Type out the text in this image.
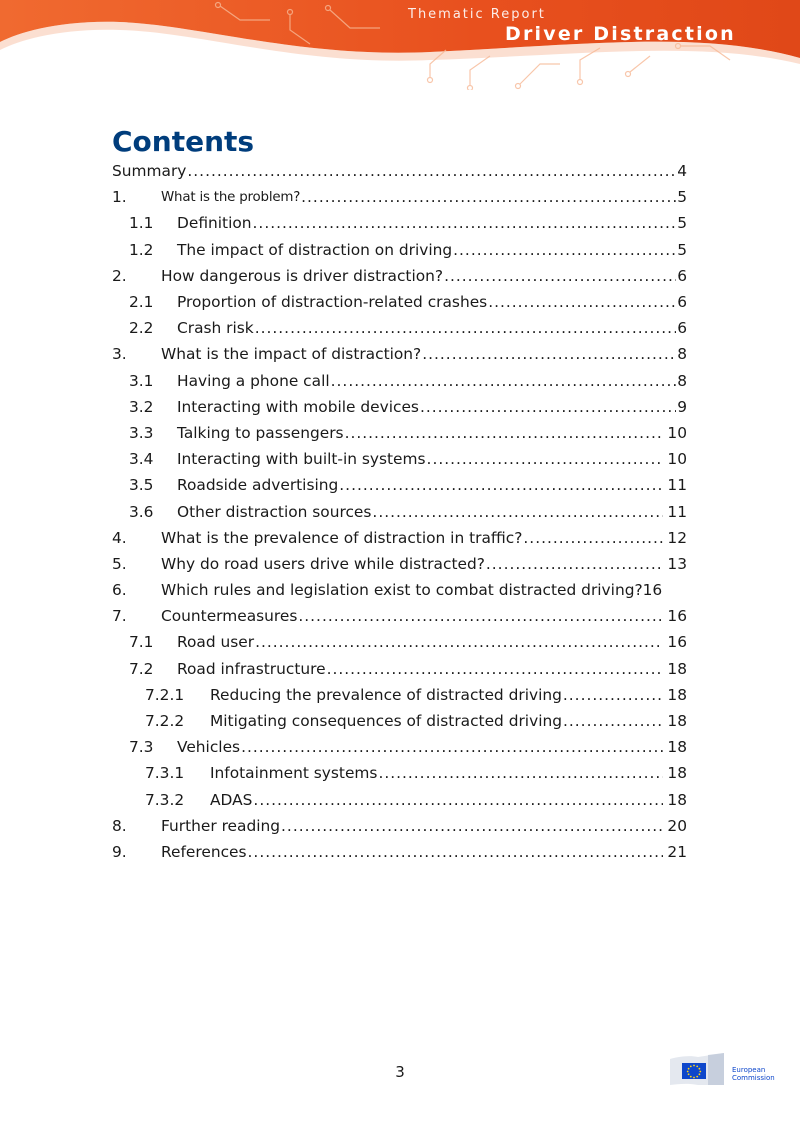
Thematic Report
Driver Distraction
Contents
Summary .....	4
1.	What is the problem? .....	5
1.1	Definition .....	5
1.2	The impact of distraction on driving .....	5
2.	How dangerous is driver distraction? .....	6
2.1	Proportion of distraction-related crashes .....	6
2.2	Crash risk .....	6
3.	What is the impact of distraction? .....	8
3.1	Having a phone call .....	8
3.2	Interacting with mobile devices .....	9
3.3	Talking to passengers .....	10
3.4	Interacting with built-in systems .....	10
3.5	Roadside advertising .....	11
3.6	Other distraction sources .....	11
4.	What is the prevalence of distraction in traffic? .....	12
5.	Why do road users drive while distracted? .....	13
6.	Which rules and legislation exist to combat distracted driving? 16
7.	Countermeasures .....	16
7.1	Road user .....	16
7.2	Road infrastructure .....	18
7.2.1	Reducing the prevalence of distracted driving .....	18
7.2.2	Mitigating consequences of distracted driving .....	18
7.3	Vehicles .....	18
7.3.1	Infotainment systems .....	18
7.3.2	ADAS .....	18
8.	Further reading .....	20
9.	References .....	21
3	European
Commission
